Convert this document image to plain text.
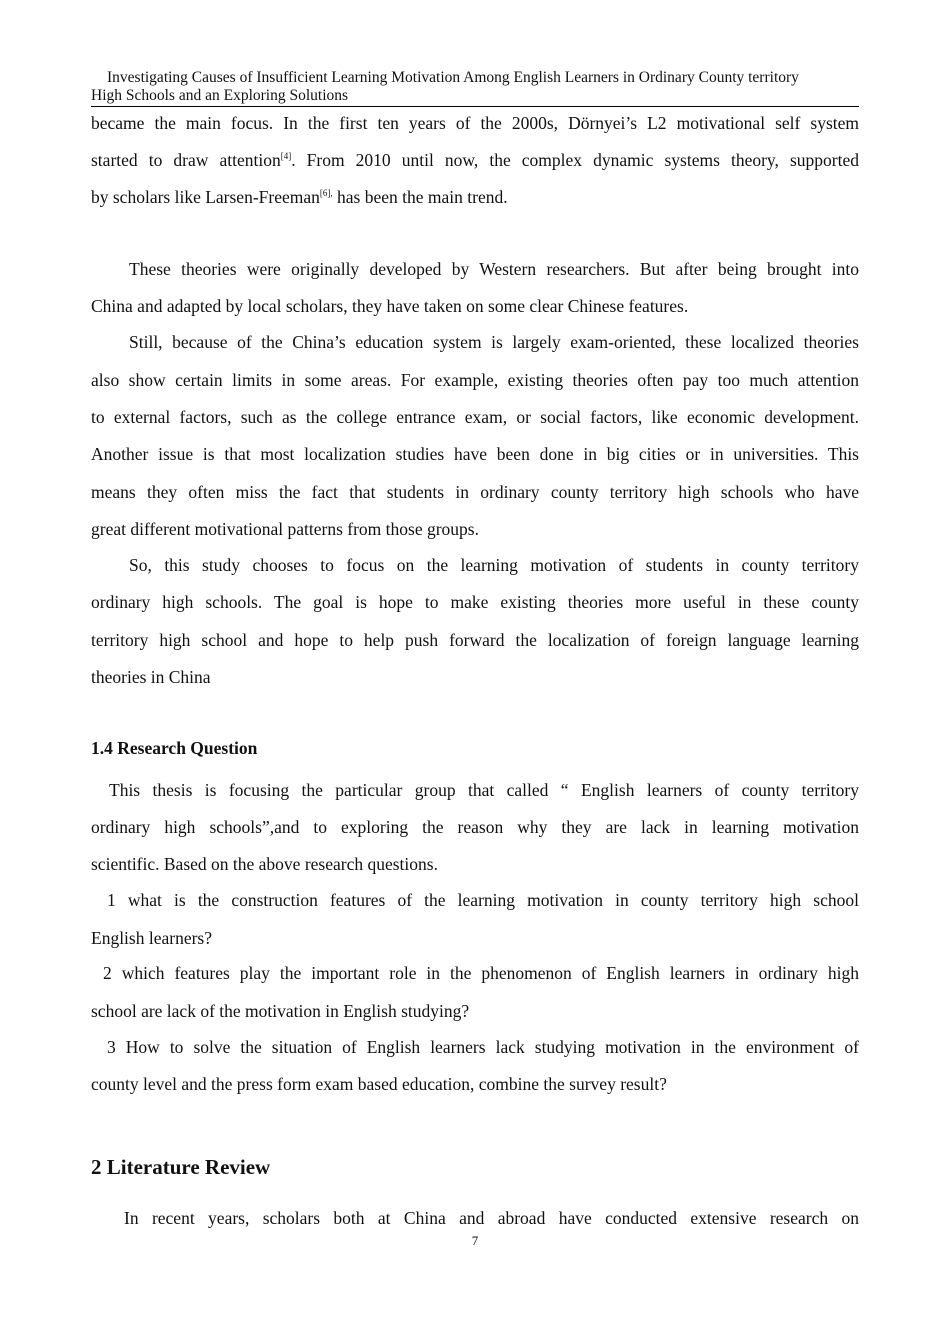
Investigating Causes of Insufficient Learning Motivation Among English Learners in Ordinary County territory
High Schools and an Exploring Solutions
became the main focus. In the first ten years of the 2000s, Dörnyei’s L2 motivational self system
started to draw attention[4]. From 2010 until now, the complex dynamic systems theory, supported
by scholars like Larsen-Freeman$^{[6],}$ has been the main trend.
These theories were originally developed by Western researchers. But after being brought into
China and adapted by local scholars, they have taken on some clear Chinese features.
Still, because of the China’s education system is largely exam-oriented, these localized theories
also show certain limits in some areas. For example, existing theories often pay too much attention
to external factors, such as the college entrance exam, or social factors, like economic development.
Another issue is that most localization studies have been done in big cities or in universities. This
means they often miss the fact that students in ordinary county territory high schools who have
great different motivational patterns from those groups.
So, this study chooses to focus on the learning motivation of students in county territory
ordinary high schools. The goal is hope to make existing theories more useful in these county
territory high school and hope to help push forward the localization of foreign language learning
theories in China
1.4 Research Question
This thesis is focusing the particular group that called “ English learners of county territory
ordinary high schools”,and to exploring the reason why they are lack in learning motivation
scientific. Based on the above research questions.
1 what is the construction features of the learning motivation in county territory high school
English learners?
2 which features play the important role in the phenomenon of English learners in ordinary high
school are lack of the motivation in English studying?
3 How to solve the situation of English learners lack studying motivation in the environment of
county level and the press form exam based education, combine the survey result?
2 Literature Review
In recent years, scholars both at China and abroad have conducted extensive research on
7
